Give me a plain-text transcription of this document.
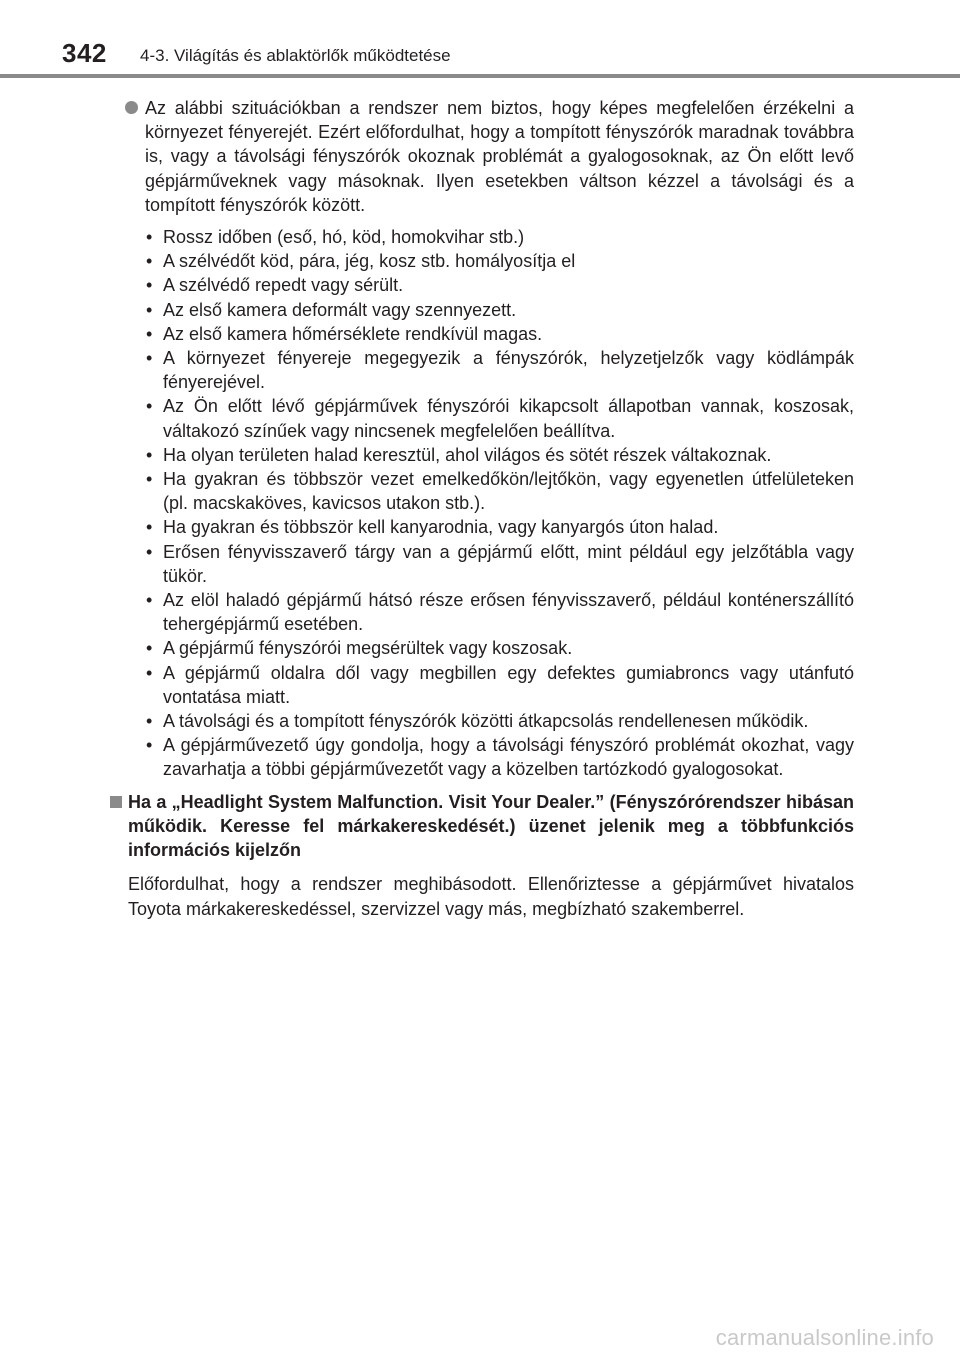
342 4-3. Világítás és ablaktörlők működtetése

Az alábbi szituációkban a rendszer nem biztos, hogy képes megfelelően érzékelni a környezet fényerejét. Ezért előfordulhat, hogy a tompított fényszórók maradnak továbbra is, vagy a távolsági fényszórók okoznak problémát a gyalogosoknak, az Ön előtt levő gépjárműveknek vagy másoknak. Ilyen esetekben váltson kézzel a távolsági és a tompított fényszórók között.

• Rossz időben (eső, hó, köd, homokvihar stb.)
• A szélvédőt köd, pára, jég, kosz stb. homályosítja el
• A szélvédő repedt vagy sérült.
• Az első kamera deformált vagy szennyezett.
• Az első kamera hőmérséklete rendkívül magas.
• A környezet fényereje megegyezik a fényszórók, helyzetjelzők vagy ködlámpák fényerejével.
• Az Ön előtt lévő gépjárművek fényszórói kikapcsolt állapotban vannak, koszosak, váltakozó színűek vagy nincsenek megfelelően beállítva.
• Ha olyan területen halad keresztül, ahol világos és sötét részek váltakoznak.
• Ha gyakran és többször vezet emelkedőkön/lejtőkön, vagy egyenetlen útfelületeken (pl. macskaköves, kavicsos utakon stb.).
• Ha gyakran és többször kell kanyarodnia, vagy kanyargós úton halad.
• Erősen fényvisszaverő tárgy van a gépjármű előtt, mint például egy jelzőtábla vagy tükör.
• Az elöl haladó gépjármű hátsó része erősen fényvisszaverő, például konténerszállító tehergépjármű esetében.
• A gépjármű fényszórói megsérültek vagy koszosak.
• A gépjármű oldalra dől vagy megbillen egy defektes gumiabroncs vagy utánfutó vontatása miatt.
• A távolsági és a tompított fényszórók közötti átkapcsolás rendellenesen működik.
• A gépjárművezető úgy gondolja, hogy a távolsági fényszóró problémát okozhat, vagy zavarhatja a többi gépjárművezetőt vagy a közelben tartózkodó gyalogosokat.

Ha a „Headlight System Malfunction. Visit Your Dealer.” (Fényszórórendszer hibásan működik. Keresse fel márkakereskedését.) üzenet jelenik meg a többfunkciós információs kijelzőn

Előfordulhat, hogy a rendszer meghibásodott. Ellenőriztesse a gépjárművet hivatalos Toyota márkakereskedéssel, szervizzel vagy más, megbízható szakemberrel.

carmanualsonline.info
